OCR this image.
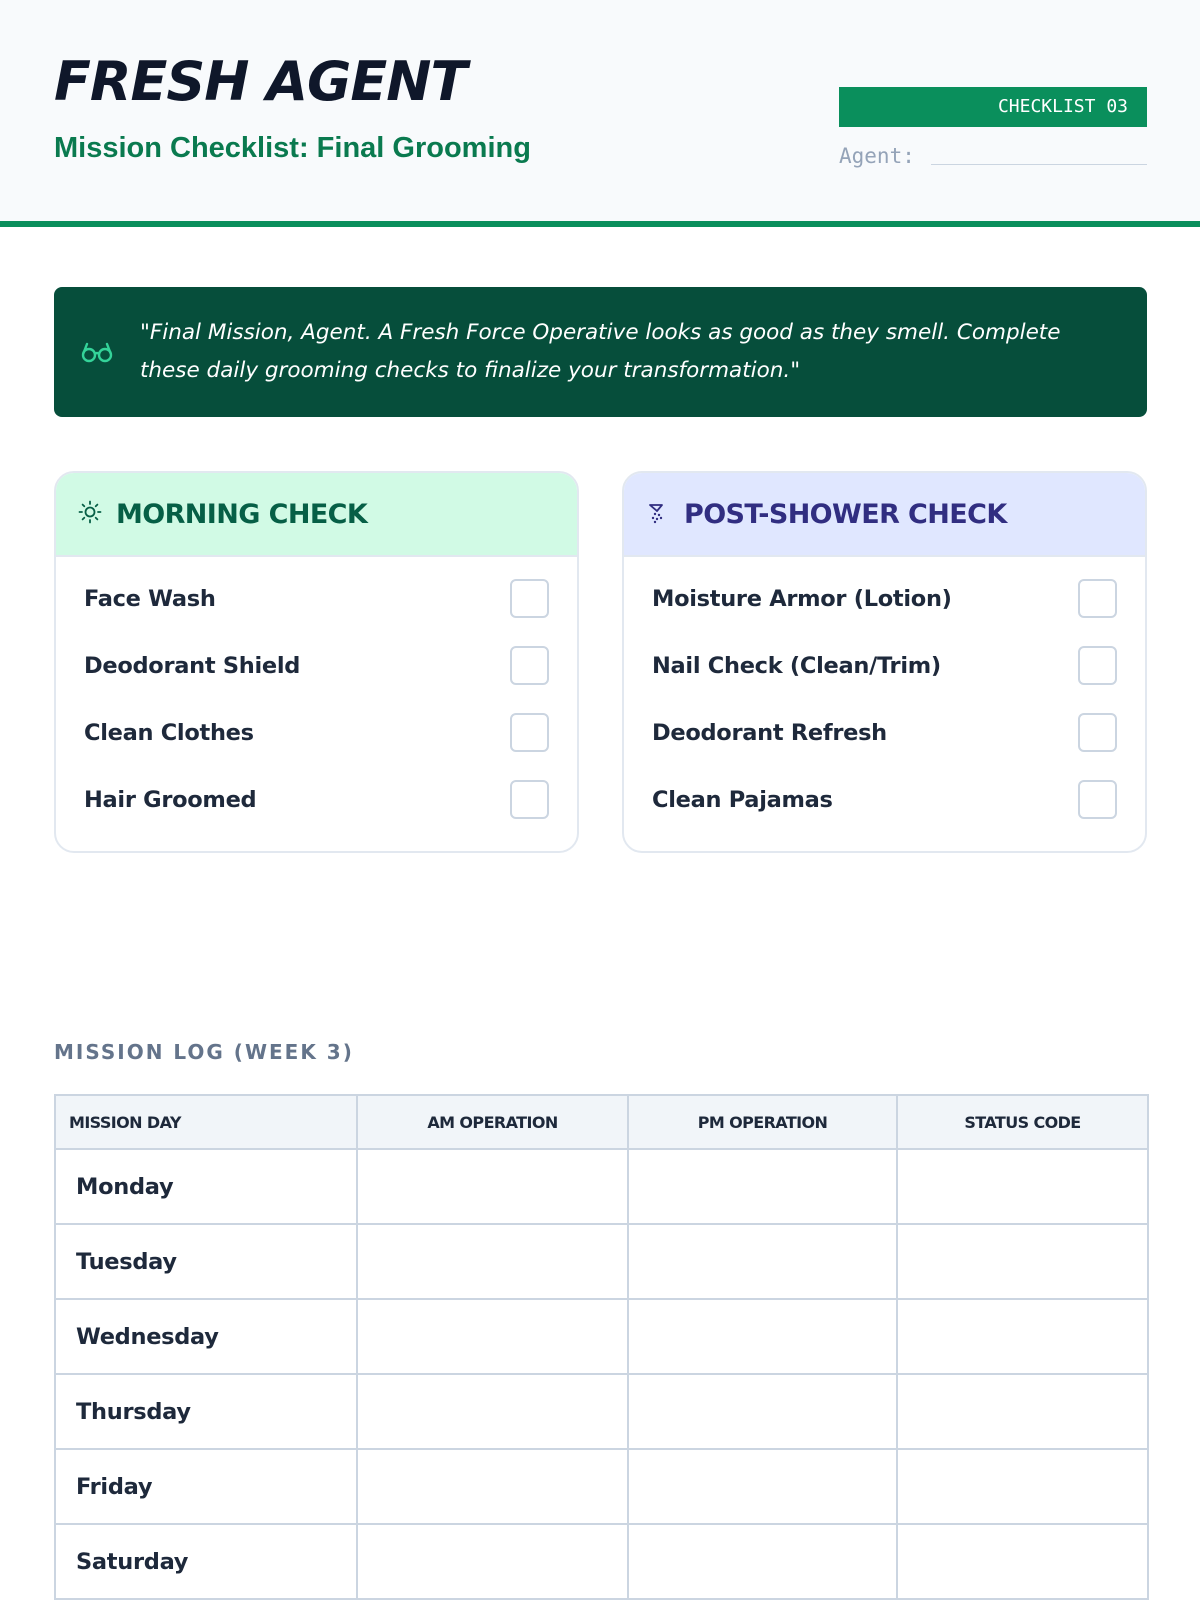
FRESH AGENT
Mission Checklist: Final Grooming
CHECKLIST 03
Agent:
"Final Mission, Agent. A Fresh Force Operative looks as good as they smell. Complete these daily grooming checks to finalize your transformation."
MORNING CHECK
Face Wash
Deodorant Shield
Clean Clothes
Hair Groomed
POST-SHOWER CHECK
Moisture Armor (Lotion)
Nail Check (Clean/Trim)
Deodorant Refresh
Clean Pajamas
MISSION LOG (WEEK 3)
MISSION DAY	AM OPERATION	PM OPERATION	STATUS CODE
Monday			
Tuesday			
Wednesday			
Thursday			
Friday			
Saturday			
